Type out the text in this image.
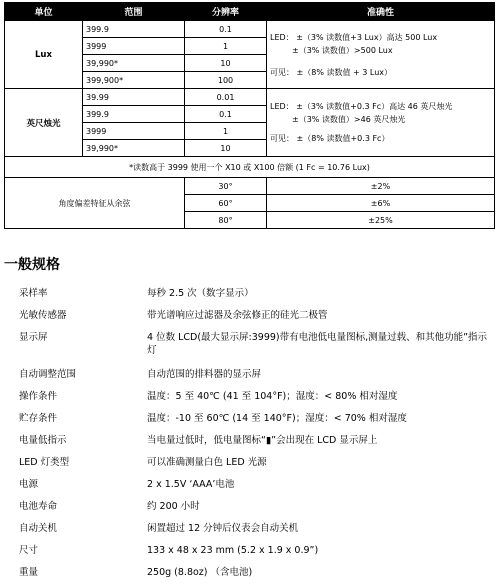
单位	范围	分辨率	准确性
Lux	399.9	0.1	LED： ±（3% 读数值+3 Lux）高达 500 Lux
±（3% 读数值）>500 Lux
可见： ±（8% 读数值 + 3 Lux）

	3999	1	
	39,990*	10	
	399,900*	100	
英尺烛光	39.99	0.01	LED： ±（3% 读数值+0.3 Fc）高达 46 英尺烛光
±（3% 读数值）>46 英尺烛光
可见： ±（8% 读数值+0.3 Fc）

	399.9	0.1	
	3999	1	
	39,990*	10	
*读数高于 3999 使用一个 X10 或 X100 倍额 (1 Fc = 10.76 Lux)			
角度偏差特征从余弦		30°	±2%
		60°	±6%
		80°	±25%
一般规格
采样率	每秒 2.5 次（数字显示）
光敏传感器	带光谱响应过滤器及余弦修正的硅光二极管
显示屏	4 位数 LCD(最大显示屏:3999)带有电池低电量图标,测量过载、和其他功能”指示灯
自动调整范围	自动范围的排料器的显示屏
操作条件	温度：5 至 40℃ (41 至 104°F)；湿度：< 80% 相对湿度
贮存条件	温度：-10 至 60℃ (14 至 140°F)；湿度：< 70% 相对湿度
电量低指示	当电量过低时，低电量图标“▮”会出现在 LCD 显示屏上
LED 灯类型	可以准确测量白色 LED 光源
电源	2 x 1.5V ‘AAA’电池
电池寿命	约 200 小时
自动关机	闲置超过 12 分钟后仪表会自动关机
尺寸	133 x 48 x 23 mm (5.2 x 1.9 x 0.9”)
重量	250g (8.8oz) （含电池)
